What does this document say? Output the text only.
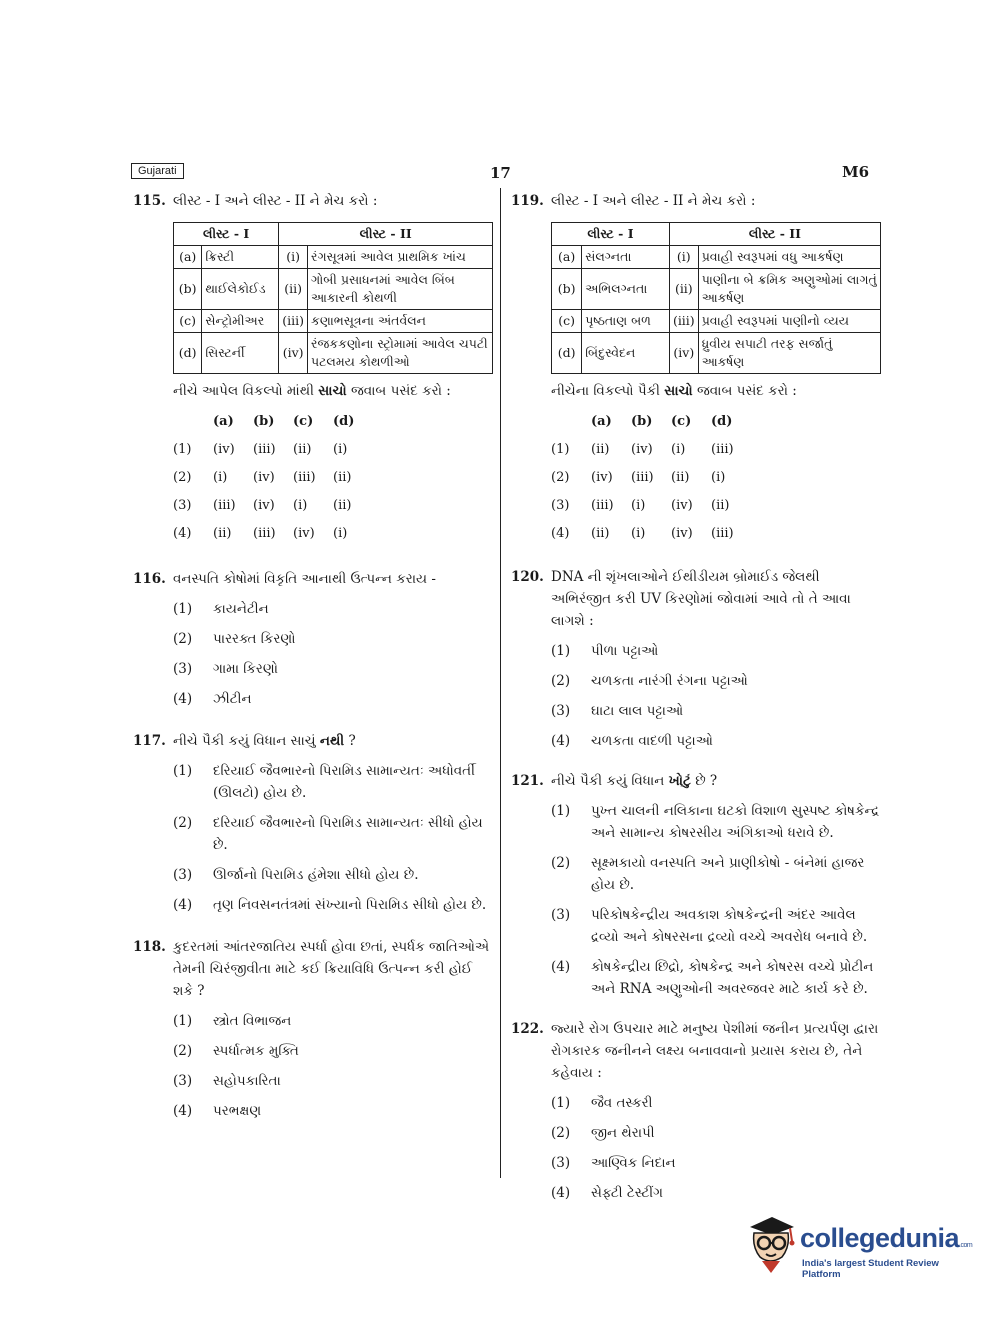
Gujarati	17	M6
115. લીસ્ટ - I અને લીસ્ટ - II ને મેચ કરો :
લીસ્ટ - I		લીસ્ટ - II	
(a)	ક્રિસ્ટી	(i)	રંગસૂત્રમાં આવેલ પ્રાથમિક ખાંચ
(b)	થાઈલેકોઈડ	(ii)	ગોબી પ્રસાધનમાં આવેલ બિંબ આકારની કોથળી
(c)	સેન્ટ્રોમીઅર	(iii)	કણાભસૂત્રના અંતર્વલન
(d)	સિસ્ટર્ની	(iv)	રંજકકણોના સ્ટ્રોમામાં આવેલ ચપટી પટલમય કોથળીઓ
નીચે આપેલ વિકલ્પો માંથી સાચો જવાબ પસંદ કરો :
	(a)	(b)	(c)	(d)
(1)	(iv)	(iii)	(ii)	(i)
(2)	(i)	(iv)	(iii)	(ii)
(3)	(iii)	(iv)	(i)	(ii)
(4)	(ii)	(iii)	(iv)	(i)
116. વનસ્પતિ કોષોમાં વિકૃતિ આનાથી ઉત્પન્ન કરાય -
(1)	કાયનેટીન
(2)	પારરક્ત કિરણો
(3)	ગામા કિરણો
(4)	ઝીટીન
117. નીચે પૈકી કયું વિધાન સાચું નથી ?
(1)	દરિયાઈ જૈવભારનો પિરામિડ સામાન્યતઃ અધોવર્તી (ઊલટો) હોય છે.
(2)	દરિયાઈ જૈવભારનો પિરામિડ સામાન્યતઃ સીધો હોય છે.
(3)	ઊર્જાનો પિરામિડ હંમેશા સીધો હોય છે.
(4)	તૃણ નિવસનતંત્રમાં સંખ્યાનો પિરામિડ સીધો હોય છે.
118. કુદરતમાં આંતરજાતિય સ્પર્ધા હોવા છતાં, સ્પર્ધક જાતિઓએ તેમની ચિરંજીવીતા માટે કઈ ક્રિયાવિધિ ઉત્પન્ન કરી હોઈ શકે ?
(1)	સ્ત્રોત વિભાજન
(2)	સ્પર્ધાત્મક મુક્તિ
(3)	સહોપકારિતા
(4)	પરભક્ષણ
119. લીસ્ટ - I અને લીસ્ટ - II ને મેચ કરો :
લીસ્ટ - I		લીસ્ટ - II	
(a)	સંલગ્નતા	(i)	પ્રવાહી સ્વરૂપમાં વધુ આકર્ષણ
(b)	અભિલગ્નતા	(ii)	પાણીના બે ક્રમિક અણુઓમાં લાગતું આકર્ષણ
(c)	પૃષ્ઠતાણ બળ	(iii)	પ્રવાહી સ્વરૂપમાં પાણીનો વ્યય
(d)	બિંદુસ્વેદન	(iv)	ધ્રુવીય સપાટી તરફ સર્જાતું આકર્ષણ
નીચેના વિકલ્પો પૈકી સાચો જવાબ પસંદ કરો :
	(a)	(b)	(c)	(d)
(1)	(ii)	(iv)	(i)	(iii)
(2)	(iv)	(iii)	(ii)	(i)
(3)	(iii)	(i)	(iv)	(ii)
(4)	(ii)	(i)	(iv)	(iii)
120. DNA ની શૃંખલાઓને ઈથીડીયમ બ્રોમાઈડ જેલથી અભિરંજીત કરી UV કિરણોમાં જોવામાં આવે તો તે આવા લાગશે :
(1)	પીળા પટ્ટાઓ
(2)	ચળકતા નારંગી રંગના પટ્ટાઓ
(3)	ઘાટા લાલ પટ્ટાઓ
(4)	ચળકતા વાદળી પટ્ટાઓ
121. નીચે પૈકી કયું વિધાન ખોટું છે ?
(1)	પુખ્ત ચાલની નલિકાના ઘટકો વિશાળ સુસ્પષ્ટ કોષકેન્દ્ર અને સામાન્ય કોષરસીય અંગિકાઓ ધરાવે છે.
(2)	સૂક્ષ્મકાયો વનસ્પતિ અને પ્રાણીકોષો - બંનેમાં હાજર હોય છે.
(3)	પરિકોષકેન્દ્રીય અવકાશ કોષકેન્દ્રની અંદર આવેલ દ્રવ્યો અને કોષરસના દ્રવ્યો વચ્ચે અવરોધ બનાવે છે.
(4)	કોષકેન્દ્રીય છિદ્રો, કોષકેન્દ્ર અને કોષરસ વચ્ચે પ્રોટીન અને RNA અણુઓની અવરજવર માટે કાર્ય કરે છે.
122. જ્યારે રોગ ઉપચાર માટે મનુષ્ય પેશીમાં જનીન પ્રત્યર્પણ દ્વારા રોગકારક જનીનને લક્ષ્ય બનાવવાનો પ્રયાસ કરાય છે, તેને કહેવાય :
(1)	જૈવ તસ્કરી
(2)	જીન થેરાપી
(3)	આણ્વિક નિદાન
(4)	સેફ્ટી ટેસ્ટીંગ
collegedunia.com
India's largest Student Review Platform
